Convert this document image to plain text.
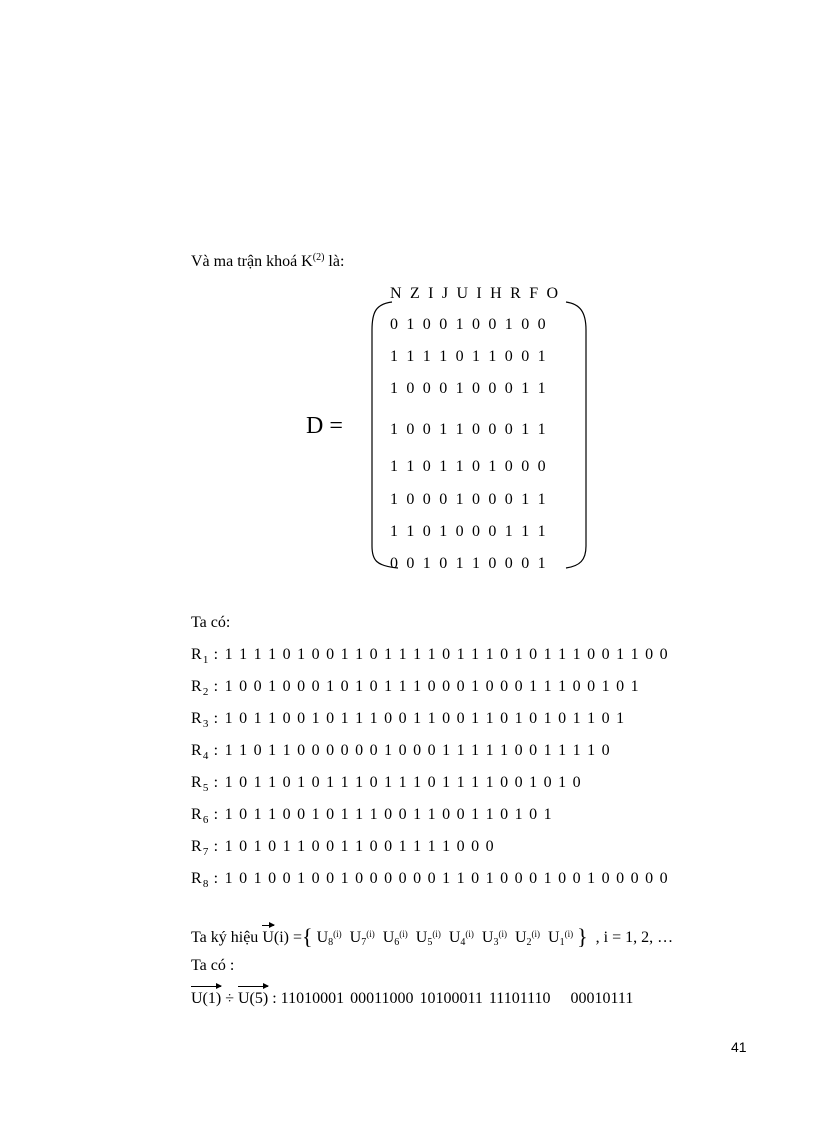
Và ma trận khoá $K^{(2)}$ là:
N Z I J U I H R F O
D =
0 1 0 0 1 0 0 1 0 0
1 1 1 1 0 1 1 0 0 1
1 0 0 0 1 0 0 0 1 1
1 0 0 1 1 0 0 0 1 1
1 1 0 1 1 0 1 0 0 0
1 0 0 0 1 0 0 0 1 1
1 1 0 1 0 0 0 1 1 1
0 0 1 0 1 1 0 0 0 1
Ta có:
$R_1$ : 1 1 1 1 0 1 0 0 1 1 0 1 1 1 1 0 1 1 1 0 1 0 1 1 1 0 0 1 1 0 0
$R_2$ : 1 0 0 1 0 0 0 1 0 1 0 1 1 1 0 0 0 1 0 0 0 1 1 1 0 0 1 0 1
$R_3$ : 1 0 1 1 0 0 1 0 1 1 1 0 0 1 1 0 0 1 1 0 1 0 1 0 1 1 0 1
$R_4$ : 1 1 0 1 1 0 0 0 0 0 0 1 0 0 0 1 1 1 1 1 0 0 1 1 1 1 0
$R_5$ : 1 0 1 1 0 1 0 1 1 1 0 1 1 1 0 1 1 1 1 0 0 1 0 1 0
$R_6$ : 1 0 1 1 0 0 1 0 1 1 1 0 0 1 1 0 0 1 1 0 1 0 1
$R_7$ : 1 0 1 0 1 1 0 0 1 1 0 0 1 1 1 1 0 0 0
$R_8$ : 1 0 1 0 0 1 0 0 1 0 0 0 0 0 0 1 1 0 1 0 0 0 1 0 0 1 0 0 0 0 0
Ta ký hiệu U(i) ={ $U_8^{(i)}$ $U_7^{(i)}$ $U_6^{(i)}$ $U_5^{(i)}$ $U_4^{(i)}$ $U_3^{(i)}$ $U_2^{(i)}$ $U_1^{(i)}$ } , i = 1, 2, …
Ta có :
U(1) ÷ U(5) : 11010001 00011000 10100011 11101110 00010111
41
